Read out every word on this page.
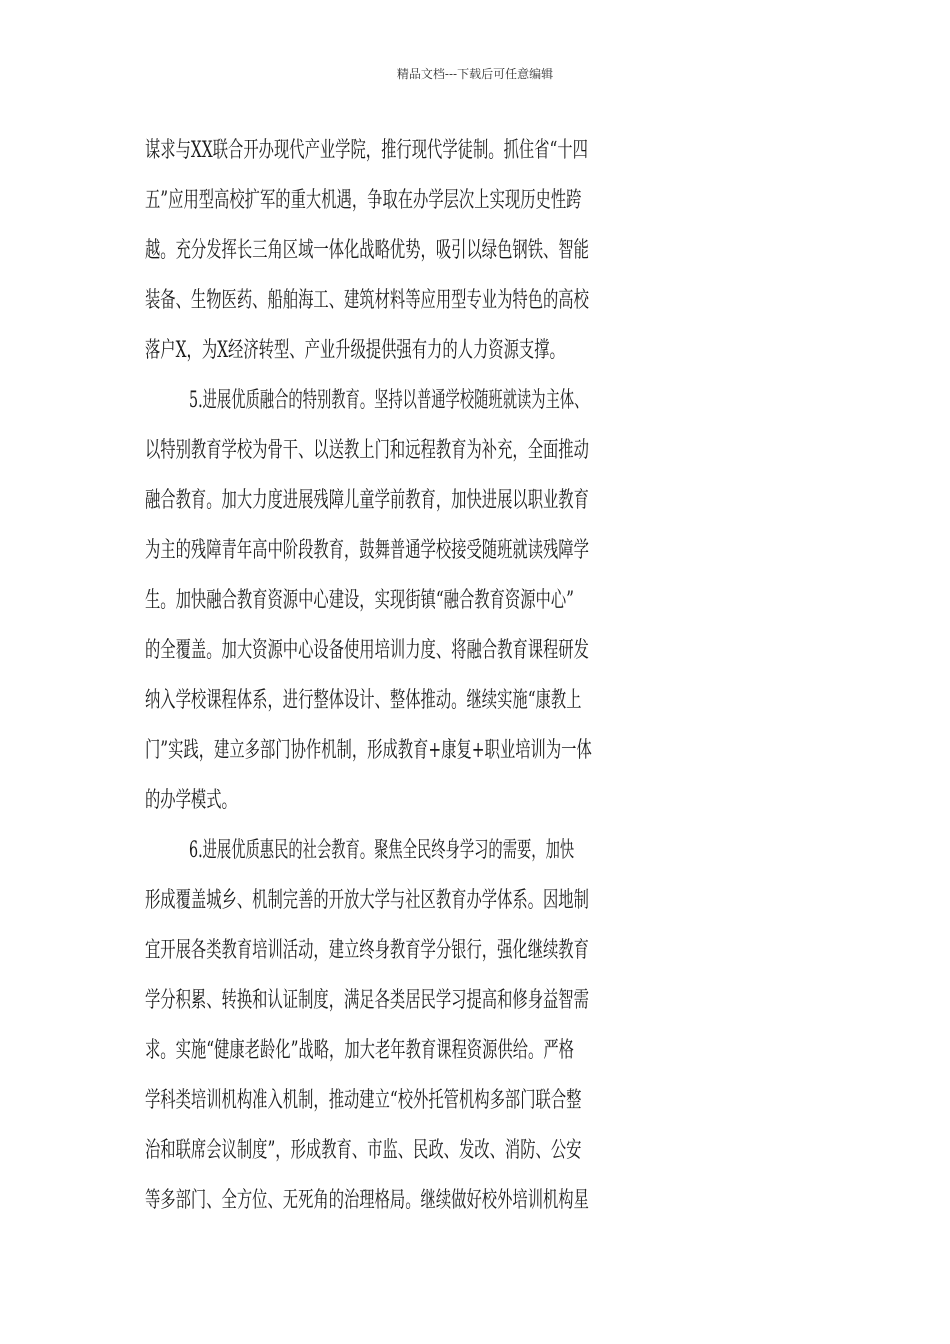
精品文档---下载后可任意编辑
谋求与XX联合开办现代产业学院，推行现代学徒制。抓住省“十四
五”应用型高校扩军的重大机遇，争取在办学层次上实现历史性跨
越。充分发挥长三角区域一体化战略优势，吸引以绿色钢铁、智能
装备、生物医药、船舶海工、建筑材料等应用型专业为特色的高校
落户X，为X经济转型、产业升级提供强有力的人力资源支撑。
5.进展优质融合的特别教育。坚持以普通学校随班就读为主体、
以特别教育学校为骨干、以送教上门和远程教育为补充，全面推动
融合教育。加大力度进展残障儿童学前教育，加快进展以职业教育
为主的残障青年高中阶段教育，鼓舞普通学校接受随班就读残障学
生。加快融合教育资源中心建设，实现街镇“融合教育资源中心”
的全覆盖。加大资源中心设备使用培训力度、将融合教育课程研发
纳入学校课程体系，进行整体设计、整体推动。继续实施“康教上
门”实践，建立多部门协作机制，形成教育+康复+职业培训为一体
的办学模式。
6.进展优质惠民的社会教育。聚焦全民终身学习的需要，加快
形成覆盖城乡、机制完善的开放大学与社区教育办学体系。因地制
宜开展各类教育培训活动，建立终身教育学分银行，强化继续教育
学分积累、转换和认证制度，满足各类居民学习提高和修身益智需
求。实施“健康老龄化”战略，加大老年教育课程资源供给。严格
学科类培训机构准入机制，推动建立“校外托管机构多部门联合整
治和联席会议制度”，形成教育、市监、民政、发改、消防、公安
等多部门、全方位、无死角的治理格局。继续做好校外培训机构星
